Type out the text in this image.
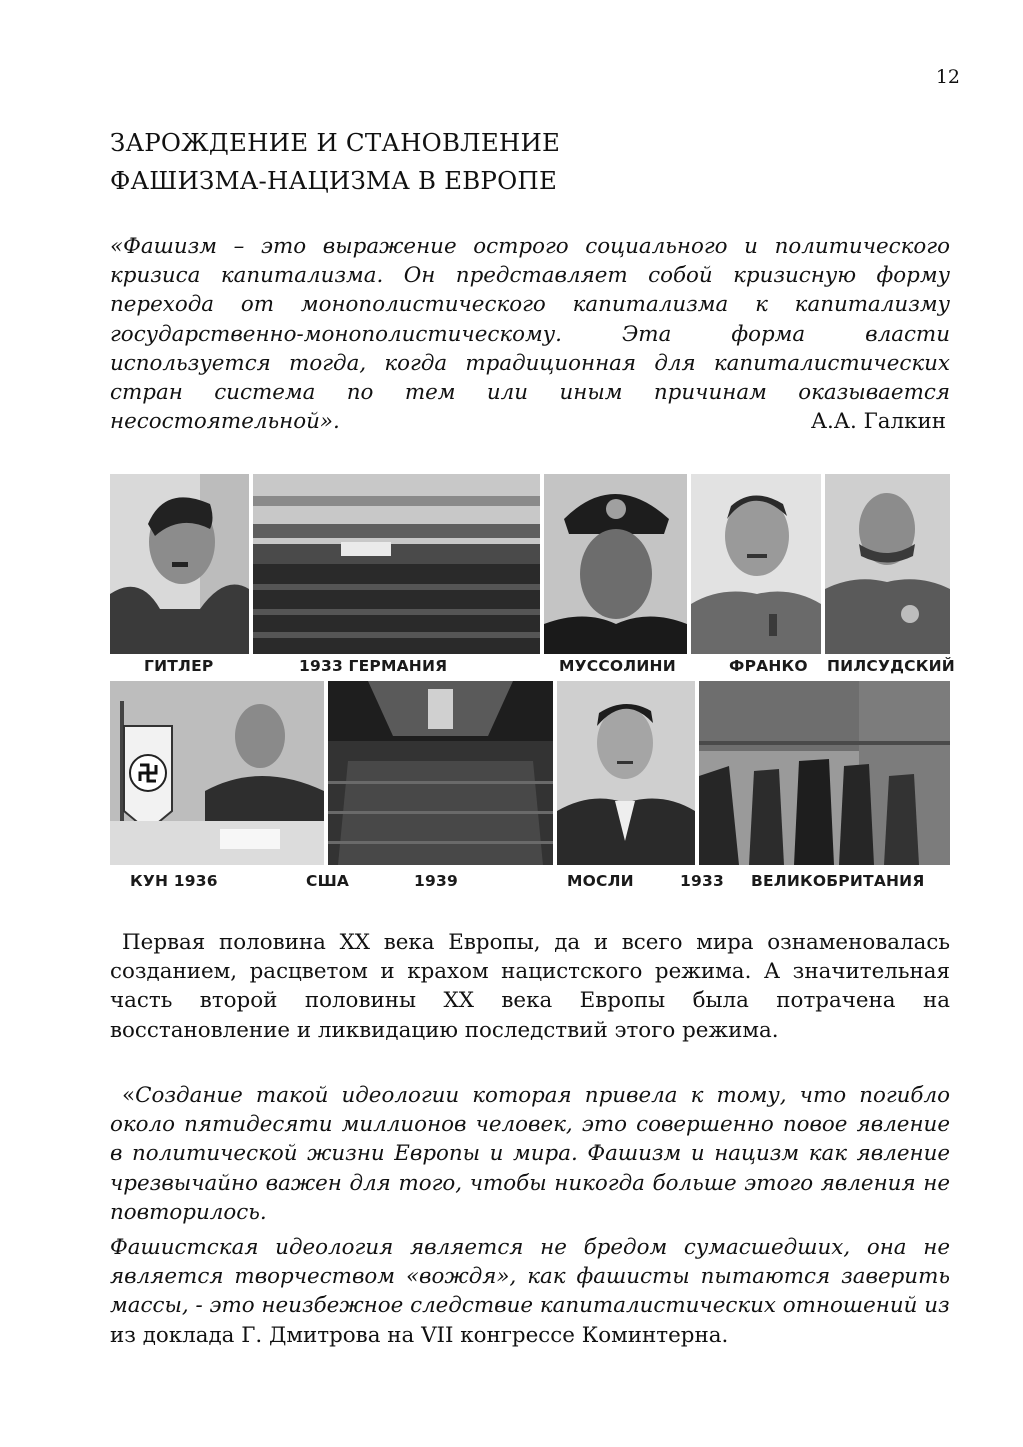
12
ЗАРОЖДЕНИЕ И СТАНОВЛЕНИЕ
ФАШИЗМА-НАЦИЗМА В ЕВРОПЕ
«Фашизм – это выражение острого социального и политического кризиса капитализма. Он представляет собой кризисную форму перехода от монополистического капитализма к капитализму государственно-монополистическому. Эта форма власти используется тогда, когда традиционная для капиталистических стран система по тем или иным причинам оказывается несостоятельной».	А.А. Галкин
ГИТЛЕР	1933 ГЕРМАНИЯ	МУССОЛИНИ	ФРАНКО ПИЛСУДСКИЙ
КУН 1936	США	1939	МОСЛИ	1933 ВЕЛИКОБРИТАНИЯ

Первая половина XX века Европы, да и всего мира ознаменовалась созданием, расцветом и крахом нацистского режима. А значительная часть второй половины XX века Европы была потрачена на восстановление и ликвидацию последствий этого режима.

«Создание такой идеологии которая привела к тому, что погибло около пятидесяти миллионов человек, это совершенно повое явление в политической жизни Европы и мира. Фашизм и нацизм как явление чрезвычайно важен для того, чтобы никогда больше этого явления не повторилось.

Фашистская идеология является не бредом сумасшедших, она не является творчеством «вождя», как фашисты пытаются заверить массы, - это неизбежное следствие капиталистических отношений из

из доклада Г. Дмитрова на VII конгрессе Коминтерна.
